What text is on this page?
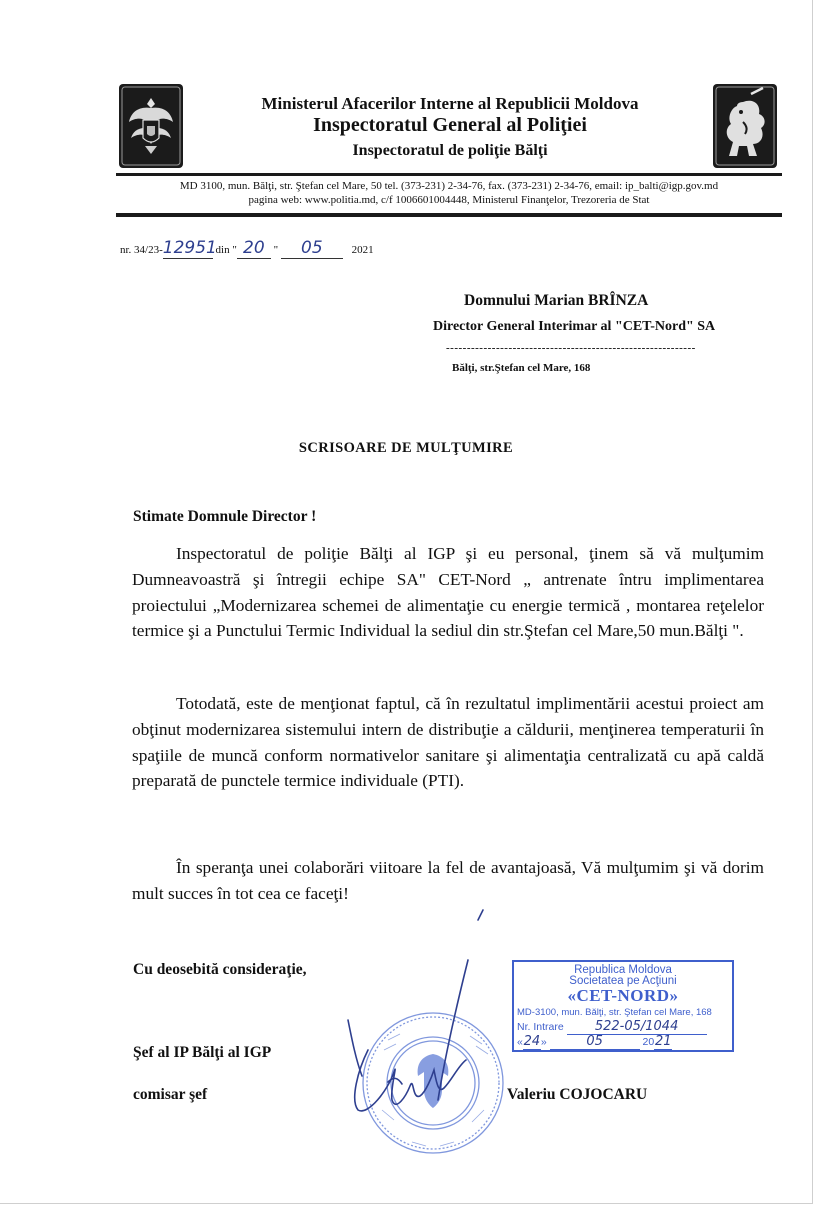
Ministerul Afacerilor Interne al Republicii Moldova
Inspectoratul General al Poliţiei
Inspectoratul de poliţie Bălţi
MD 3100, mun. Bălţi, str. Ştefan cel Mare, 50 tel. (373-231) 2-34-76, fax. (373-231) 2-34-76, email: ip_balti@igp.gov.md
pagina web: www.politia.md, c/f 1006601004448, Ministerul Finanţelor, Trezoreria de Stat
nr. 34/23-12951 din " 20 " 05	2021
Domnului Marian BRÎNZA
Director General Interimar al "CET-Nord" SA
------------------------------------------------------------
Bălţi, str.Ştefan cel Mare, 168
SCRISOARE DE MULŢUMIRE
Stimate Domnule Director !
Inspectoratul de poliţie Bălţi al IGP şi eu personal, ţinem să vă mulţumim Dumneavoastră şi întregii echipe SA" CET-Nord „ antrenate întru implimentarea proiectului „Modernizarea schemei de alimentaţie cu energie termică , montarea reţelelor termice şi a Punctului Termic Individual la sediul din str.Ştefan cel Mare,50 mun.Bălţi ".
Totodată, este de menţionat faptul, că în rezultatul implimentării acestui proiect am obţinut modernizarea sistemului intern de distribuţie a căldurii, menţinerea temperaturii în spaţiile de muncă conform normativelor sanitare şi alimentaţia centralizată cu apă caldă preparată de punctele termice individuale (PTI).
În speranţa unei colaborări viitoare la fel de avantajoasă, Vă mulţumim şi vă dorim mult succes în tot cea ce faceţi!
Cu deosebită consideraţie,
Şef al IP Bălţi al IGP
comisar şef	Valeriu COJOCARU
Republica Moldova
Societatea pe Acţiuni
«CET-NORD»
MD-3100, mun. Bălţi, str. Ştefan cel Mare, 168
Nr. Intrare 522-05/1044
«24»	05	2021
